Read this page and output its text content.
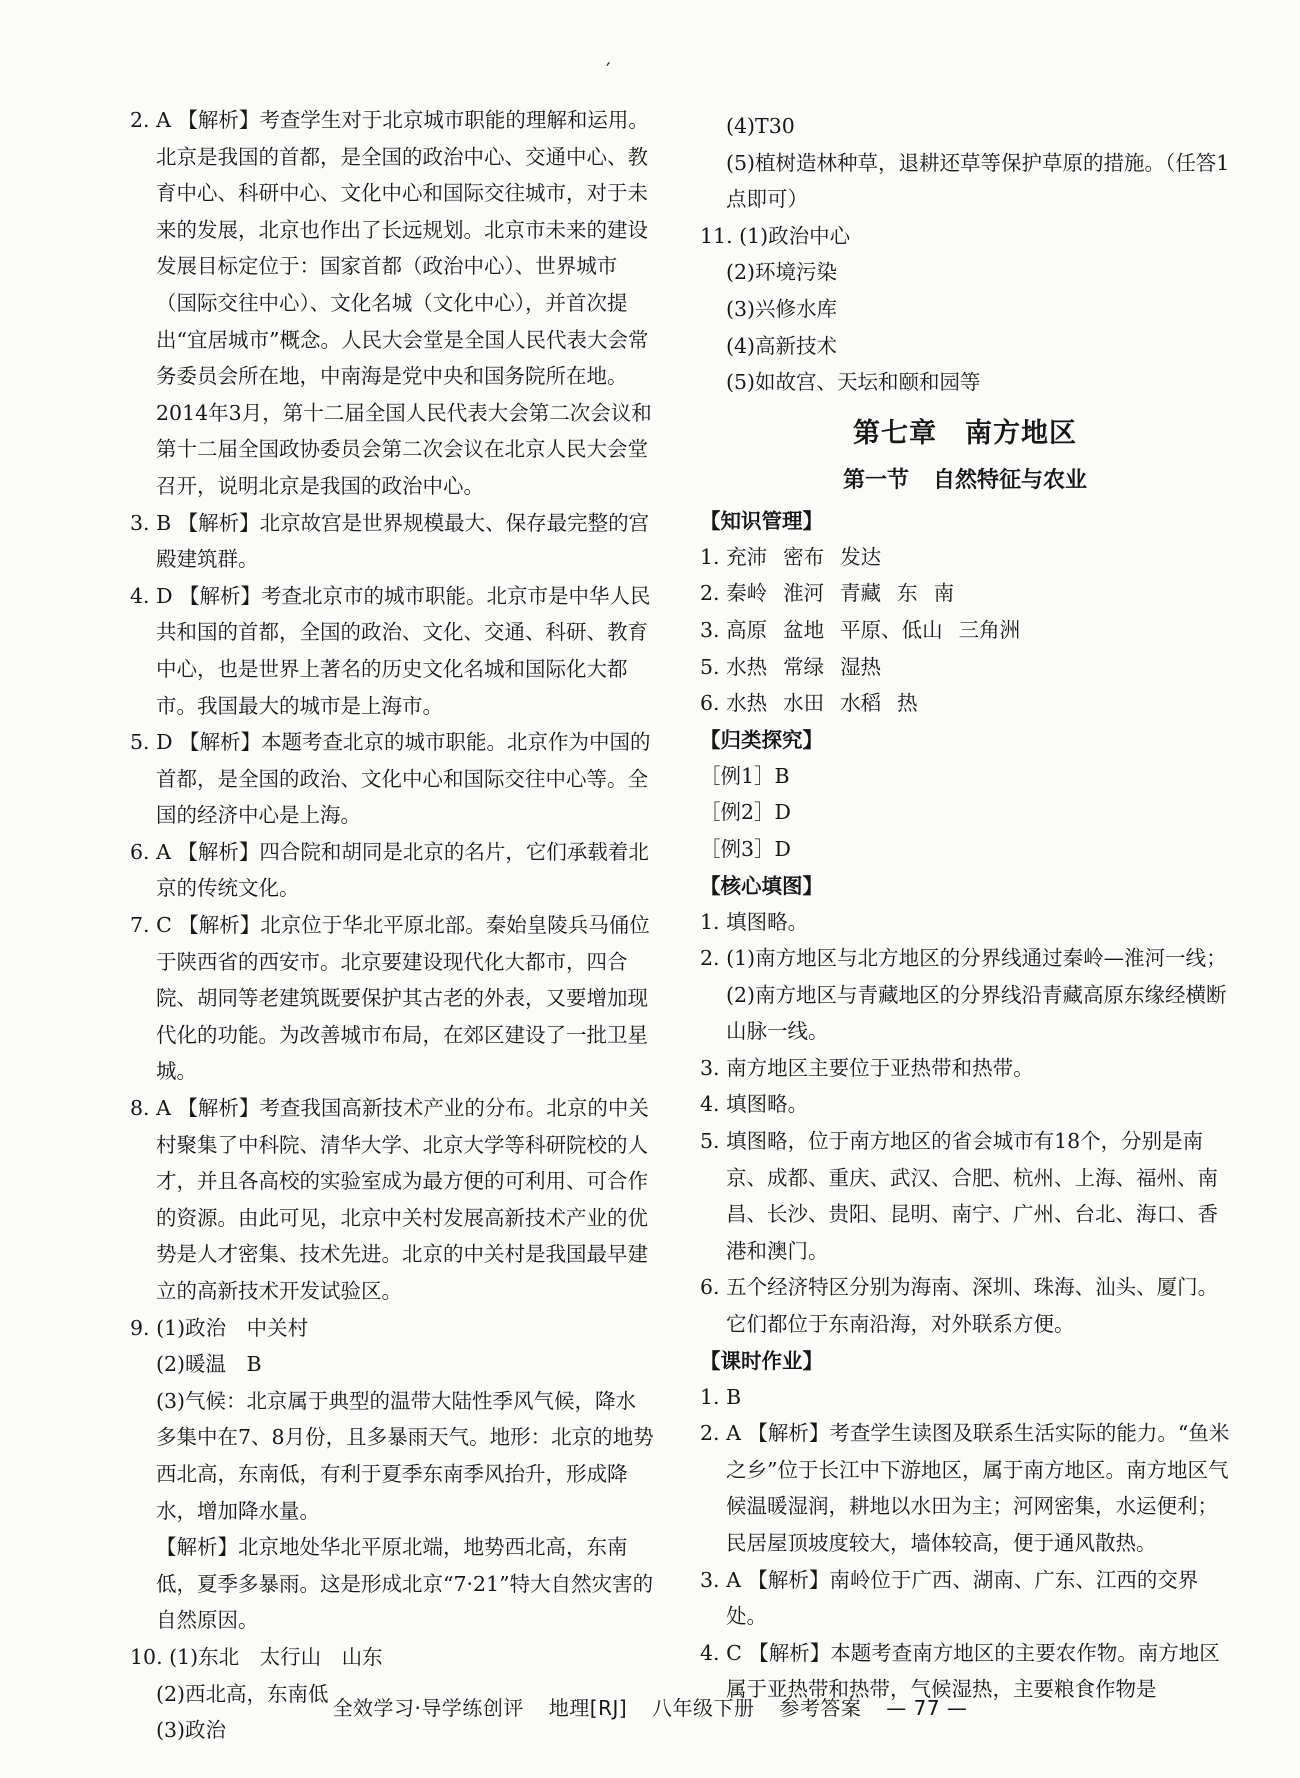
′
2. A 【解析】考查学生对于北京城市职能的理解和运用。北京是我国的首都，是全国的政治中心、交通中心、教育中心、科研中心、文化中心和国际交往城市，对于未来的发展，北京也作出了长远规划。北京市未来的建设发展目标定位于：国家首都（政治中心）、世界城市（国际交往中心）、文化名城（文化中心），并首次提出“宜居城市”概念。人民大会堂是全国人民代表大会常务委员会所在地，中南海是党中央和国务院所在地。2014年3月，第十二届全国人民代表大会第二次会议和第十二届全国政协委员会第二次会议在北京人民大会堂召开，说明北京是我国的政治中心。
3. B 【解析】北京故宫是世界规模最大、保存最完整的宫殿建筑群。
4. D 【解析】考查北京市的城市职能。北京市是中华人民共和国的首都，全国的政治、文化、交通、科研、教育中心，也是世界上著名的历史文化名城和国际化大都市。我国最大的城市是上海市。
5. D 【解析】本题考查北京的城市职能。北京作为中国的首都，是全国的政治、文化中心和国际交往中心等。全国的经济中心是上海。
6. A 【解析】四合院和胡同是北京的名片，它们承载着北京的传统文化。
7. C 【解析】北京位于华北平原北部。秦始皇陵兵马俑位于陕西省的西安市。北京要建设现代化大都市，四合院、胡同等老建筑既要保护其古老的外表，又要增加现代化的功能。为改善城市布局，在郊区建设了一批卫星城。
8. A 【解析】考查我国高新技术产业的分布。北京的中关村聚集了中科院、清华大学、北京大学等科研院校的人才，并且各高校的实验室成为最方便的可利用、可合作的资源。由此可见，北京中关村发展高新技术产业的优势是人才密集、技术先进。北京的中关村是我国最早建立的高新技术开发试验区。
9. (1)政治　中关村
(2)暖温　B
(3)气候：北京属于典型的温带大陆性季风气候，降水多集中在7、8月份，且多暴雨天气。地形：北京的地势西北高，东南低，有利于夏季东南季风抬升，形成降水，增加降水量。
【解析】北京地处华北平原北端，地势西北高，东南低，夏季多暴雨。这是形成北京“7·21”特大自然灾害的自然原因。
10. (1)东北　太行山　山东
(2)西北高，东南低
(3)政治
(4)T30
(5)植树造林种草，退耕还草等保护草原的措施。（任答1点即可）
11. (1)政治中心
(2)环境污染
(3)兴修水库
(4)高新技术
(5)如故宫、天坛和颐和园等
第七章 南方地区
第一节 自然特征与农业
【知识管理】
1. 充沛 密布 发达
2. 秦岭 淮河 青藏 东 南
3. 高原 盆地 平原、低山 三角洲
5. 水热 常绿 湿热
6. 水热 水田 水稻 热
【归类探究】
［例1］B
［例2］D
［例3］D
【核心填图】
1. 填图略。
2. (1)南方地区与北方地区的分界线通过秦岭—淮河一线；(2)南方地区与青藏地区的分界线沿青藏高原东缘经横断山脉一线。
3. 南方地区主要位于亚热带和热带。
4. 填图略。
5. 填图略，位于南方地区的省会城市有18个，分别是南京、成都、重庆、武汉、合肥、杭州、上海、福州、南昌、长沙、贵阳、昆明、南宁、广州、台北、海口、香港和澳门。
6. 五个经济特区分别为海南、深圳、珠海、汕头、厦门。它们都位于东南沿海，对外联系方便。
【课时作业】
1. B
2. A 【解析】考查学生读图及联系生活实际的能力。“鱼米之乡”位于长江中下游地区，属于南方地区。南方地区气候温暖湿润，耕地以水田为主；河网密集，水运便利；民居屋顶坡度较大，墙体较高，便于通风散热。
3. A 【解析】南岭位于广西、湖南、广东、江西的交界处。
4. C 【解析】本题考查南方地区的主要农作物。南方地区属于亚热带和热带，气候湿热，主要粮食作物是
全效学习·导学练创评 地理[RJ] 八年级下册 参考答案 — 77 —
